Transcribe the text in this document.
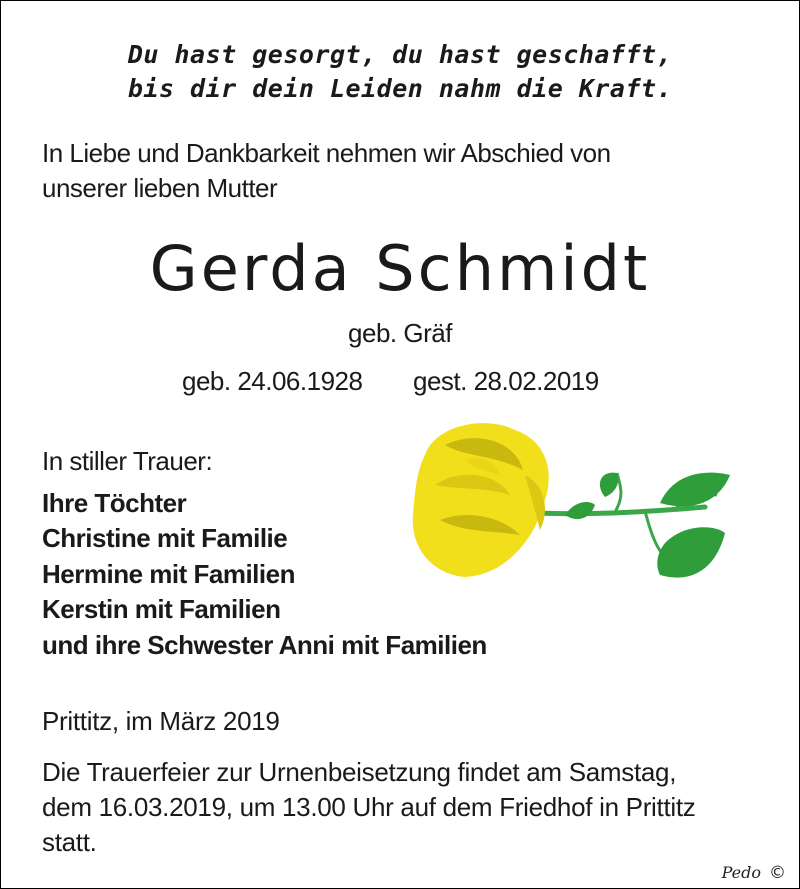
Du hast gesorgt, du hast geschafft,
bis dir dein Leiden nahm die Kraft.
In Liebe und Dankbarkeit nehmen wir Abschied von
unserer lieben Mutter
Gerda Schmidt
geb. Gräf
geb. 24.06.1928 gest. 28.02.2019
In stiller Trauer:
Ihre Töchter
Christine mit Familie
Hermine mit Familien
Kerstin mit Familien
und ihre Schwester Anni mit Familien
Prittitz, im März 2019
Die Trauerfeier zur Urnenbeisetzung findet am Samstag,
dem 16.03.2019, um 13.00 Uhr auf dem Friedhof in Prittitz
statt.
Pedo ©
